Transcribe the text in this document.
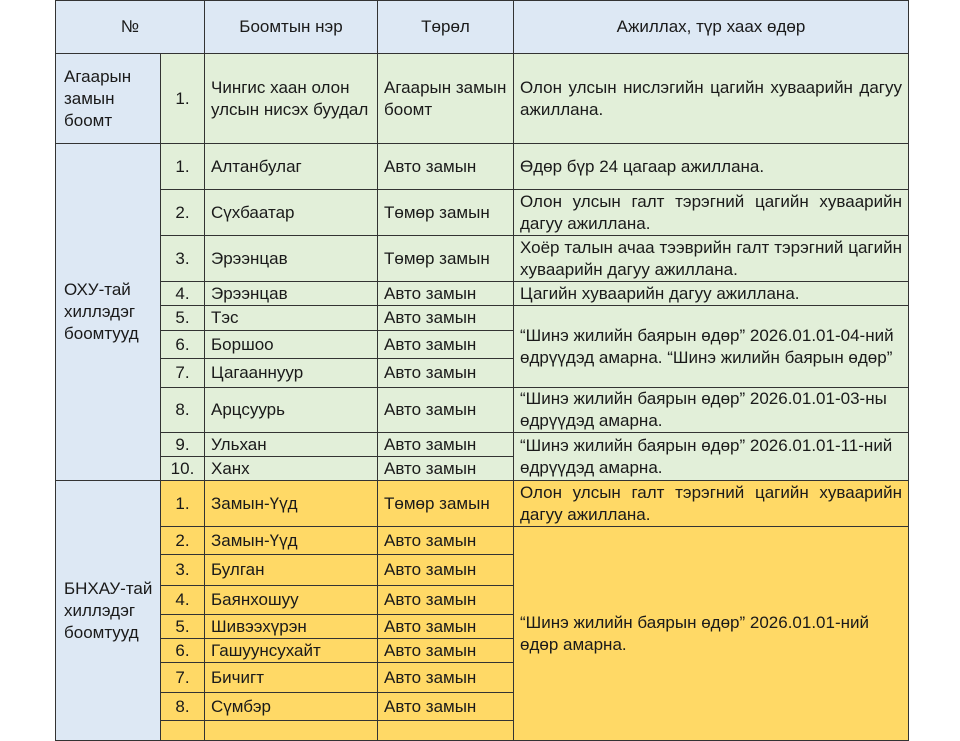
№		Боомтын нэр	Төрөл	Ажиллах, түр хаах өдөр
Агаарын замын боомт	1.	Чингис хаан олон улсын нисэх буудал	Агаарын замын боомт	Олон улсын нислэгийн цагийн хуваарийн дагуу ажиллана.
ОХУ-тай хиллэдэг боомтууд	1.	Алтанбулаг	Авто замын	Өдөр бүр 24 цагаар ажиллана.
	2.	Сүхбаатар	Төмөр замын	Олон улсын галт тэрэгний цагийн хуваарийн дагуу ажиллана.
	3.	Эрээнцав	Төмөр замын	Хоёр талын ачаа тээврийн галт тэрэгний цагийн хуваарийн дагуу ажиллана.
	4.	Эрээнцав	Авто замын	Цагийн хуваарийн дагуу ажиллана.
	5.	Тэс	Авто замын	“Шинэ жилийн баярын өдөр” 2026.01.01-04-ний өдрүүдэд амарна. “Шинэ жилийн баярын өдөр”
	6.	Боршоо	Авто замын	
	7.	Цагааннуур	Авто замын	
	8.	Арцсуурь	Авто замын	“Шинэ жилийн баярын өдөр” 2026.01.01-03-ны өдрүүдэд амарна.
	9.	Ульхан	Авто замын	“Шинэ жилийн баярын өдөр” 2026.01.01-11-ний өдрүүдэд амарна.
	10.	Ханх	Авто замын	
БНХАУ-тай хиллэдэг боомтууд	1.	Замын-Үүд	Төмөр замын	Олон улсын галт тэрэгний цагийн хуваарийн дагуу ажиллана.
	2.	Замын-Үүд	Авто замын	“Шинэ жилийн баярын өдөр” 2026.01.01-ний өдөр амарна.
	3.	Булган	Авто замын	
	4.	Баянхошуу	Авто замын	
	5.	Шивээхүрэн	Авто замын	
	6.	Гашуунсухайт	Авто замын	
	7.	Бичигт	Авто замын	
	8.	Сүмбэр	Авто замын	
